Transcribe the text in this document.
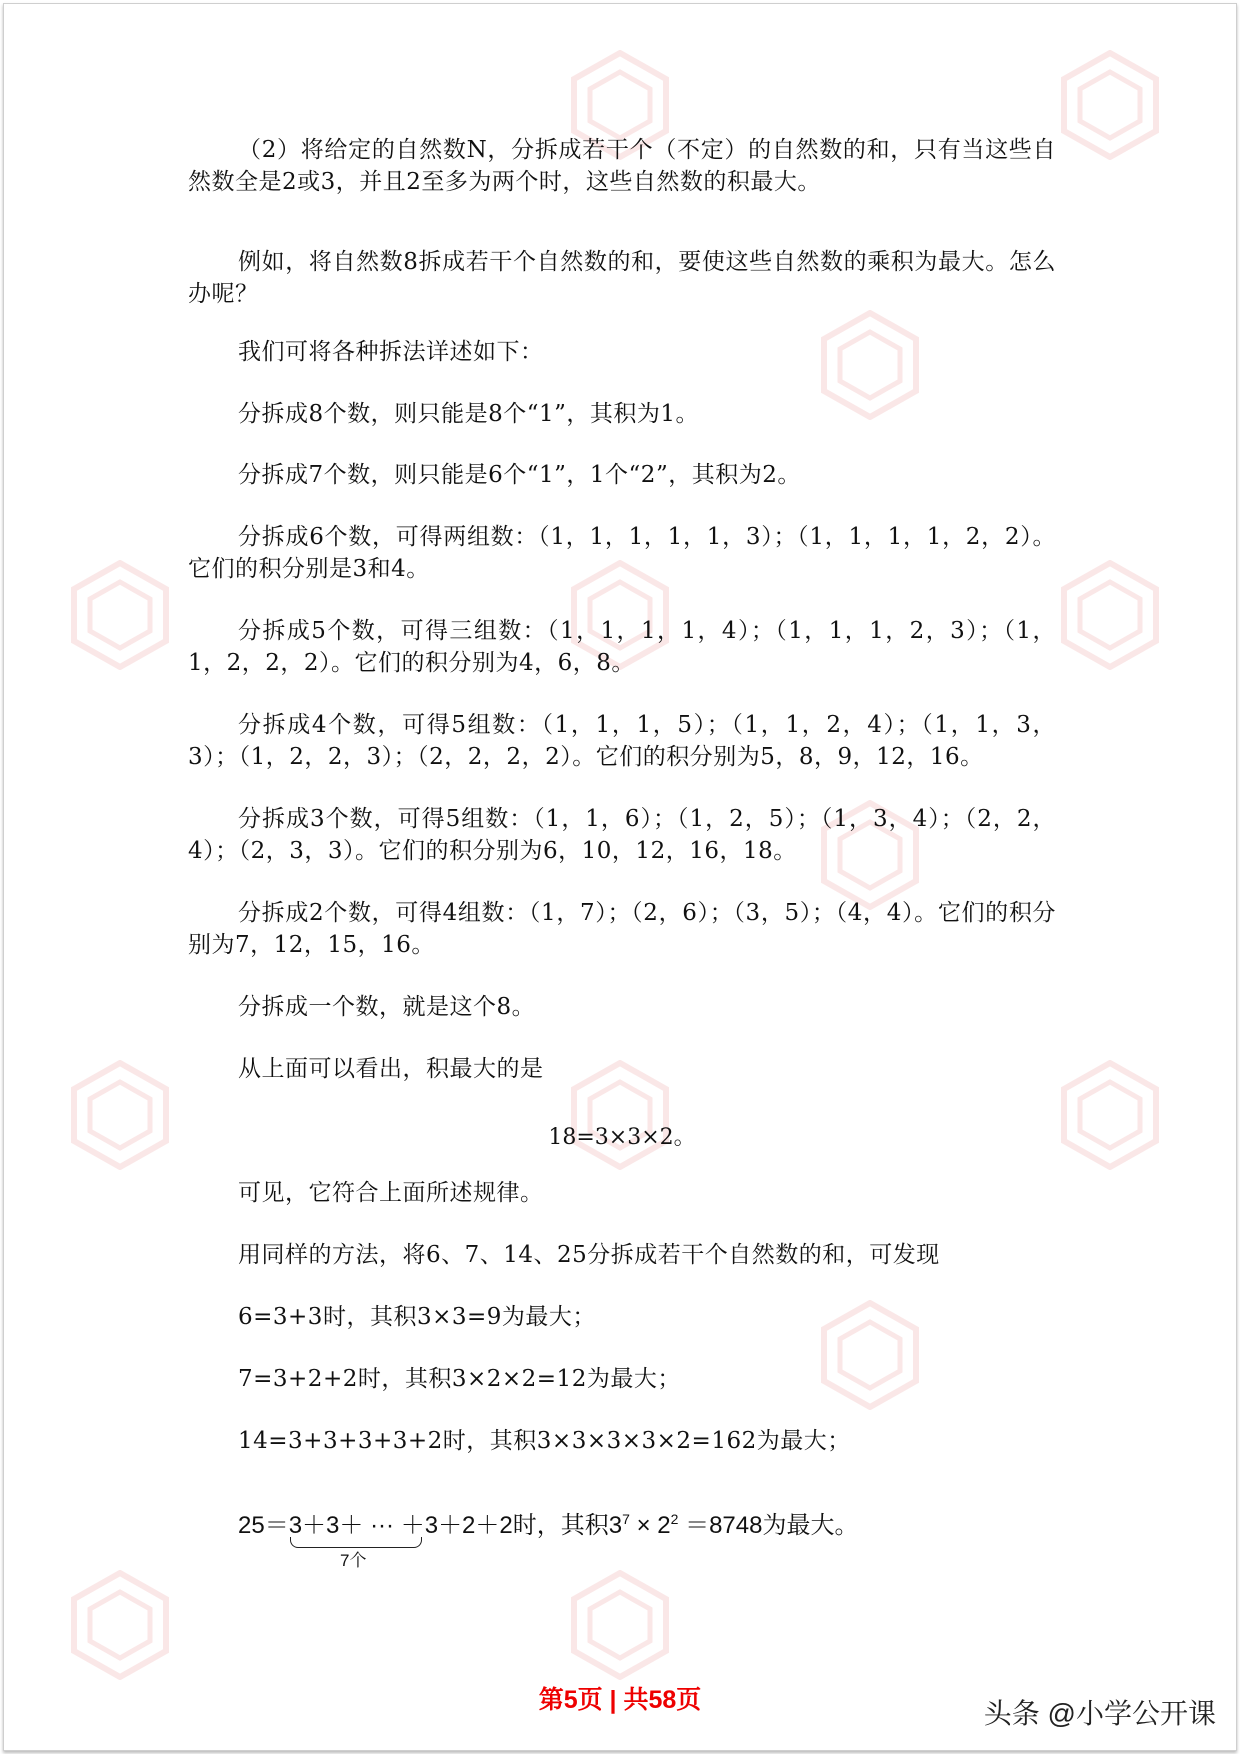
（2）将给定的自然数N，分拆成若干个（不定）的自然数的和，只有当这些自然数全是2或3，并且2至多为两个时，这些自然数的积最大。
例如，将自然数8拆成若干个自然数的和，要使这些自然数的乘积为最大。怎么办呢？
我们可将各种拆法详述如下：
分拆成8个数，则只能是8个“1”，其积为1。
分拆成7个数，则只能是6个“1”，1个“2”，其积为2。
分拆成6个数，可得两组数：（1，1，1，1，1，3）；（1，1，1，1，2，2）。它们的积分别是3和4。
分拆成5个数，可得三组数：（1，1，1，1，4）；（1，1，1，2，3）；（1，1，2，2，2）。它们的积分别为4，6，8。
分拆成4个数，可得5组数：（1，1，1，5）；（1，1，2，4）；（1，1，3，3）；（1，2，2，3）；（2，2，2，2）。它们的积分别为5，8，9，12，16。
分拆成3个数，可得5组数：（1，1，6）；（1，2，5）；（1，3，4）；（2，2，4）；（2，3，3）。它们的积分别为6，10，12，16，18。
分拆成2个数，可得4组数：（1，7）；（2，6）；（3，5）；（4，4）。它们的积分别为7，12，15，16。
分拆成一个数，就是这个8。
从上面可以看出，积最大的是
18=3×3×2。
可见，它符合上面所述规律。
用同样的方法，将6、7、14、25分拆成若干个自然数的和，可发现
6=3+3时，其积3×3=9为最大；
7=3+2+2时，其积3×2×2=12为最大；
14=3+3+3+3+2时，其积3×3×3×3×2=162为最大；
25＝3＋3＋ ··· ＋3＋2＋2时，其积$3^7 \times 2^2 =8748$为最大。
7个
第5页 | 共58页	头条 @小学公开课
